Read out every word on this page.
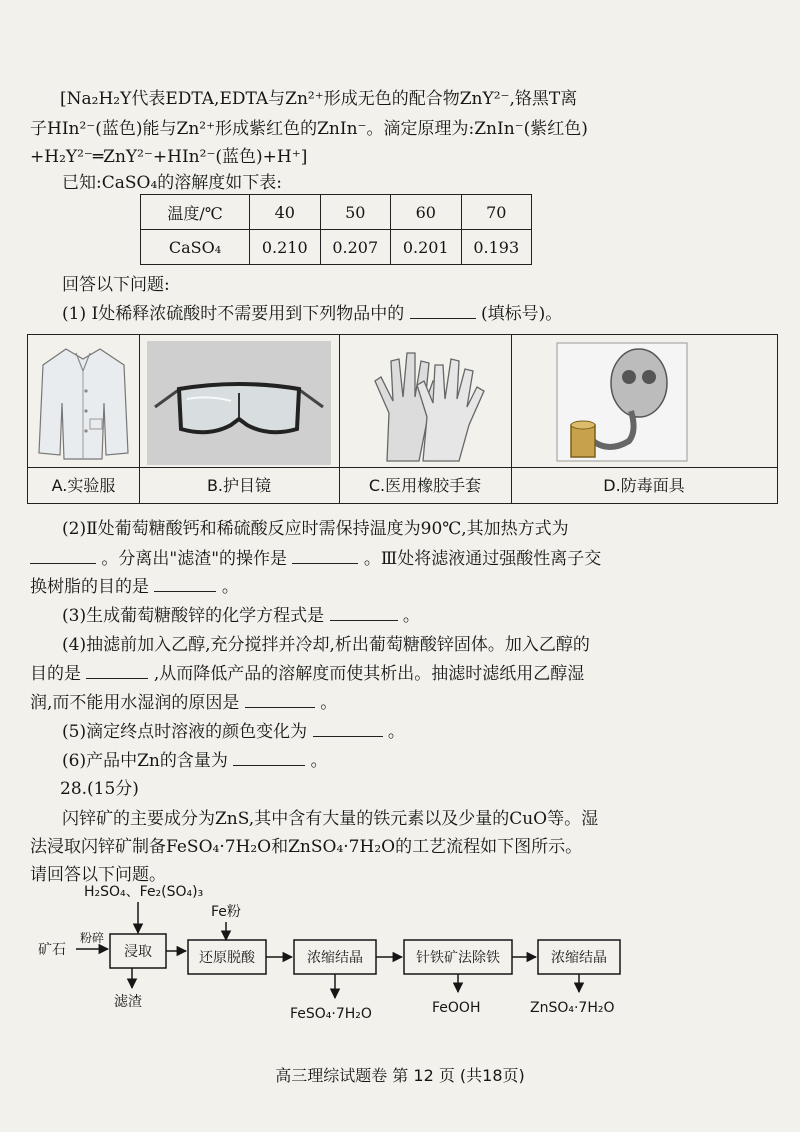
[Na₂H₂Y代表EDTA,EDTA与Zn²⁺形成无色的配合物ZnY²⁻,铬黑T离
子HIn²⁻(蓝色)能与Zn²⁺形成紫红色的ZnIn⁻。滴定原理为:ZnIn⁻(紫红色)
+H₂Y²⁻═ZnY²⁻+HIn²⁻(蓝色)+H⁺]
已知:CaSO₄的溶解度如下表:
温度/℃	40	50	60	70
CaSO₄	0.210	0.207	0.201	0.193
回答以下问题:
(1) Ⅰ处稀释浓硫酸时不需要用到下列物品中的	(填标号)。
A.实验服	B.护目镜	C.医用橡胶手套	D.防毒面具
(2)Ⅱ处葡萄糖酸钙和稀硫酸反应时需保持温度为90℃,其加热方式为
。分离出"滤渣"的操作是	。Ⅲ处将滤液通过强酸性离子交
换树脂的目的是	。
(3)生成葡萄糖酸锌的化学方程式是	。
(4)抽滤前加入乙醇,充分搅拌并冷却,析出葡萄糖酸锌固体。加入乙醇的
目的是	,从而降低产品的溶解度而使其析出。抽滤时滤纸用乙醇湿
润,而不能用水湿润的原因是	。
(5)滴定终点时溶液的颜色变化为	。
(6)产品中Zn的含量为	。
28.(15分)
闪锌矿的主要成分为ZnS,其中含有大量的铁元素以及少量的CuO等。湿
法浸取闪锌矿制备FeSO₄·7H₂O和ZnSO₄·7H₂O的工艺流程如下图所示。
请回答以下问题。
H₂SO₄、Fe₂(SO₄)₃
Fe粉
矿石
粉碎
浸取
滤渣
还原脱酸	浓缩结晶
FeSO₄·7H₂O
针铁矿法除铁
FeOOH
浓缩结晶
ZnSO₄·7H₂O
高三理综试题卷 第 12 页 (共18页)
